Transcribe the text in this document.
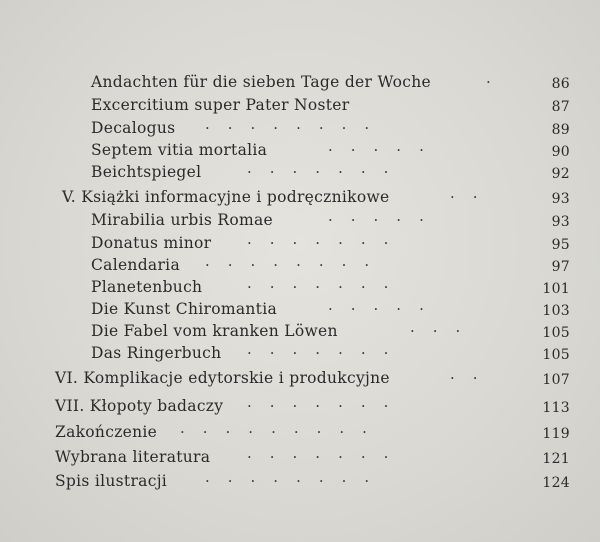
Andachten für die sieben Tage der Woche	·	86
Excercitium super Pater Noster	87
Decalogus ········	89
Septem vitia mortalia	·····	90
Beichtspiegel	·······	92
V. Książki informacyjne i podręcznikowe	··	93
Mirabilia urbis Romae	·····	93
Donatus minor ·······	95
Calendaria ········	97
Planetenbuch	·······	101
Die Kunst Chiromantia	·····	103
Die Fabel vom kranken Löwen	···	105
Das Ringerbuch ·······	105
VI. Komplikacje edytorskie i produkcyjne	··	107
VII. Kłopoty badaczy ·······	113
Zakończenie ·········	119
Wybrana literatura ·······	121
Spis ilustracji	········	124
